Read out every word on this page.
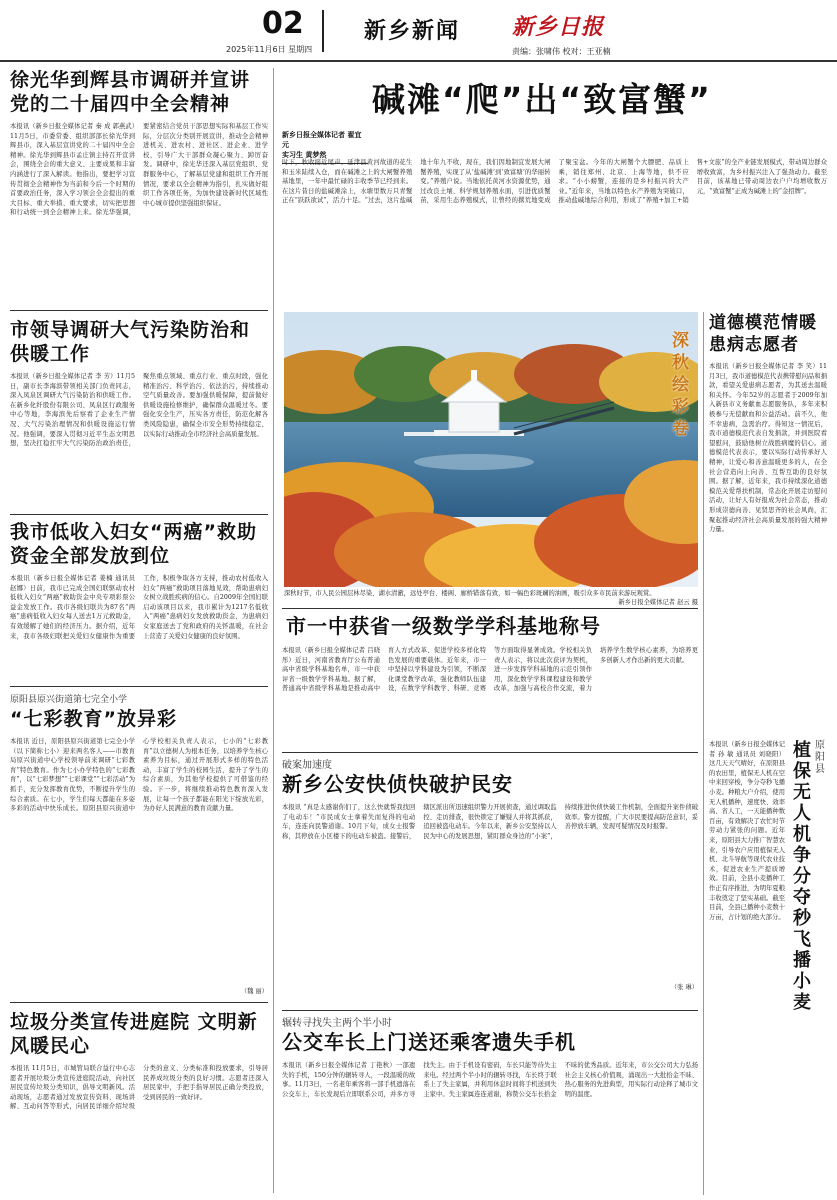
02
2025年11月6日 星期四
新乡新闻 新乡日报
责编：张啸伟 校对：王亚楠
徐光华到辉县市调研并宣讲党的二十届四中全会精神
本报讯（新乡日报全媒体记者 秦 成 郭燕武）11月5日，市委常委、组织部部长徐光华到辉县市，深入基层宣讲党的二十届四中全会精神。徐光华到辉县市孟庄镇主持召开宣讲会，围绕全会的重大意义、主要成果和丰富内涵进行了深入解读。他指出，要把学习宣传贯彻全会精神作为当前和今后一个时期的首要政治任务，深入学习领会全会提出的重大目标、重大举措、重大要求，切实把思想和行动统一到全会精神上来。徐光华强调，要紧密结合党员干部思想实际和基层工作实际，分层次分类别开展宣讲，推动全会精神进机关、进农村、进社区、进企业、进学校，引导广大干部群众凝心聚力、踔厉奋发。调研中，徐光华还深入基层党组织、党群服务中心，了解基层党建和组织工作开展情况，要求以全会精神为指引，扎实做好组织工作各项任务，为加快建设新时代区域性中心城市提供坚强组织保证。
市领导调研大气污染防治和供暖工作
本报讯（新乡日报全媒体记者 李 芳）11月5日，副市长李海滨带领相关部门负责同志，深入凤泉区调研大气污染防治和供暖工作。在新乡化纤股份有限公司、凤泉区行政服务中心等地，李海滨先后察看了企业生产情况、大气污染治理情况和供暖设施运行情况。他强调，要深入贯彻习近平生态文明思想，坚决扛稳扛牢大气污染防治政治责任，聚焦重点领域、重点行业、重点时段，强化精准治污、科学治污、依法治污，持续推动空气质量改善。要加强供暖保障，提前做好供暖设施检修维护，确保群众温暖过冬。要强化安全生产，压实各方责任，防范化解各类风险隐患，确保全市安全形势持续稳定，以实际行动推动全市经济社会高质量发展。
我市低收入妇女“两癌”救助资金全部发放到位
本报讯（新乡日报全媒体记者 姜楠 通讯员 赵娜）日前，我市已完成全国妇联驱动农村低收入妇女“两癌”救助资金中央专项彩票公益金发放工作。我市各级妇联共为87名“两癌”患病低收入妇女每人送去1万元救助金，有效缓解了她们的经济压力。据介绍，近年来，我市各级妇联把关爱妇女健康作为重要工作，积极争取各方支持，推动农村低收入妇女“两癌”救助项目落地见效，帮助患病妇女树立战胜疾病的信心。自2009年全国妇联启动该项目以来，我市累计为1217名低收入“两癌”患病妇女发放救助资金，为患病妇女家庭送去了党和政府的关怀温暖，在社会上营造了关爱妇女健康的良好氛围。
原阳县原兴街道第七完全小学
“七彩教育”放异彩
本报讯 近日，原阳县原兴街道第七完全小学（以下简称七小）迎来两名客人——市教育局原兴街道中心学校领导前来调研“七彩教育”特色教育。作为七小办学特色的“七彩教育”，以“七彩梦想”“七彩课堂”“七彩活动”为抓手，充分发挥教育优势，不断提升学生的综合素质。在七小，学生们每天都能在多姿多彩的活动中快乐成长。原阳县原兴街道中心学校相关负责人表示，七小的“七彩教育”以立德树人为根本任务，以培养学生核心素养为目标，通过开展形式多样的特色活动，丰富了学生的校园生活，提升了学生的综合素质，为其他学校提供了可借鉴的经验。下一步，将继续推动特色教育深入发展，让每一个孩子都能在阳光下绽放光彩，为办好人民满意的教育贡献力量。
（魏 丽）
垃圾分类宣传进庭院 文明新风暖民心
本报讯 11月5日，市城管局联合益行中心志愿者开展垃圾分类宣传进庭院活动，向社区居民宣传垃圾分类知识，倡导文明新风。活动现场，志愿者通过发放宣传资料、现场讲解、互动问答等形式，向居民详细介绍垃圾分类的意义、分类标准和投放要求，引导居民养成垃圾分类的良好习惯。志愿者还深入居民家中，手把手指导居民正确分类投放，受到居民的一致好评。
碱滩“爬”出“致富蟹”
新乡日报全媒体记者 翟宜元
实习生 黄梦然
时下，秋收接近尾声。延津县黄河故道的花生和玉米陆续入仓，而在碱滩之上的大闸蟹养殖基地里，一年中最忙碌的丰收季节已经到来。在这片昔日的盐碱滩涂上，水塘里数万只青蟹正在“跃跃欲试”，活力十足。“过去，这片盐碱地十年九不收，现在，我们因地制宜发展大闸蟹养殖，实现了从‘盐碱滩’到‘致富塘’的华丽转变。”养殖户说。当地依托黄河水资源优势，通过改良土壤、科学规划养殖水面，引进优质蟹苗，采用生态养殖模式，让曾经的撂荒地变成了聚宝盆。今年的大闸蟹个大膘肥、品质上乘，销往郑州、北京、上海等地，供不应求。“小小螃蟹，连接的是乡村振兴的大产业。”近年来，当地以特色水产养殖为突破口，推动盐碱地综合利用，形成了“养殖+加工+销售+文旅”的全产业链发展模式，带动周边群众增收致富，为乡村振兴注入了强劲动力。截至目前，该基地已带动周边农户户均增收数万元，“致富蟹”正成为碱滩上的“金招牌”。
深秋绘彩卷
深秋时节，市人民公园层林尽染、湖水清澈，远处亭台、楼阁、廊桥错落有致，如一幅色彩斑斓的油画，吸引众多市民前来游玩观赏。
新乡日报全媒体记者 赵云 摄
道德模范情暖患病志愿者
本报讯（新乡日报全媒体记者 李 笑）11月3日，我市道德模范代表携带慰问品和捐款，看望关爱患病志愿者，为其送去温暖和关怀。今年52岁的志愿者于2009年加入新县市义务献血志愿服务队，多年来积极参与无偿献血和公益活动。前不久，他不幸患病，急需治疗。得知这一情况后，我市道德模范代表自发捐款，并到医院看望慰问，鼓励他树立战胜病魔的信心。道德模范代表表示，要以实际行动传承好人精神，让爱心和善意温暖更多的人，在全社会营造向上向善、互帮互助的良好氛围。据了解，近年来，我市持续深化道德模范关爱帮扶机制，常态化开展走访慰问活动，让好人有好报成为社会常态，推动形成崇德向善、见贤思齐的社会风尚，汇聚起推动经济社会高质量发展的强大精神力量。
市一中获省一级数学学科基地称号
本报讯（新乡日报全媒体记者 吕晓彤）近日，河南省教育厅公布普通高中省级学科基地名单，市一中获评省一级数学学科基地。据了解，普通高中省级学科基地是推动高中育人方式改革、促进学校多样化特色发展的重要载体。近年来，市一中坚持以学科建设为引领，不断深化课堂教学改革，强化教师队伍建设，在数学学科教学、科研、竞赛等方面取得显著成效。学校相关负责人表示，将以此次获评为契机，进一步发挥学科基地的示范引领作用，深化数学学科课程建设和教学改革，加强与高校合作交流，着力培养学生数学核心素养，为培养更多创新人才作出新的更大贡献。
破案加速度
新乡公安快侦快破护民安
本报讯 “真是太感谢你们了，这么快就帮我找回了电动车！”市民成女士拿着失而复得的电动车，连连向民警道谢。10月下旬，成女士报警称，其停放在小区楼下的电动车被盗。接警后，辖区派出所迅速组织警力开展侦查，通过调取监控、走访排查，很快锁定了嫌疑人并将其抓获，追回被盗电动车。今年以来，新乡公安坚持以人民为中心的发展思想，紧盯群众身边的“小案”，持续推进快侦快破工作机制，全面提升案件侦破效率。警方提醒，广大市民要提高防范意识，妥善停放车辆，发现可疑情况及时报警。
（张 琳）
辗转寻找失主两个半小时
公交车长上门送还乘客遗失手机
本报讯（新乡日报全媒体记者 丁艳秋）一部遗失的手机，150分钟的辗转寻人，一段温暖的故事。11月3日，一名老年乘客将一部手机遗落在公交车上，车长发现后立即联系公司，并多方寻找失主。由于手机设有密码，车长只能等待失主来电。经过两个半小时的辗转寻找，车长终于联系上了失主家属，并利用休息时间将手机送到失主家中。失主家属连连道谢，称赞公交车长拾金不昧的优秀品质。近年来，市公交公司大力弘扬社会主义核心价值观，涌现出一大批拾金不昧、热心服务的先进典型，用实际行动诠释了城市文明的温度。
原阳县
植保无人机争分夺秒飞播小麦
本报讯（新乡日报全媒体记者 孙 敏 通讯员 刘晓阳）这几天天气晴好，在原阳县的农田里，植保无人机在空中来回穿梭，争分夺秒飞播小麦。种粮大户介绍，使用无人机播种，速度快、效率高、省人工，一天能播种数百亩，有效解决了农忙时节劳动力紧张的问题。近年来，原阳县大力推广智慧农业，引导农户应用植保无人机、北斗导航等现代农业技术，促进农业生产提质增效。目前，全县小麦播种工作正有序推进，为明年夏粮丰收奠定了坚实基础。截至目前，全县已播种小麦数十万亩，占计划的绝大部分。
